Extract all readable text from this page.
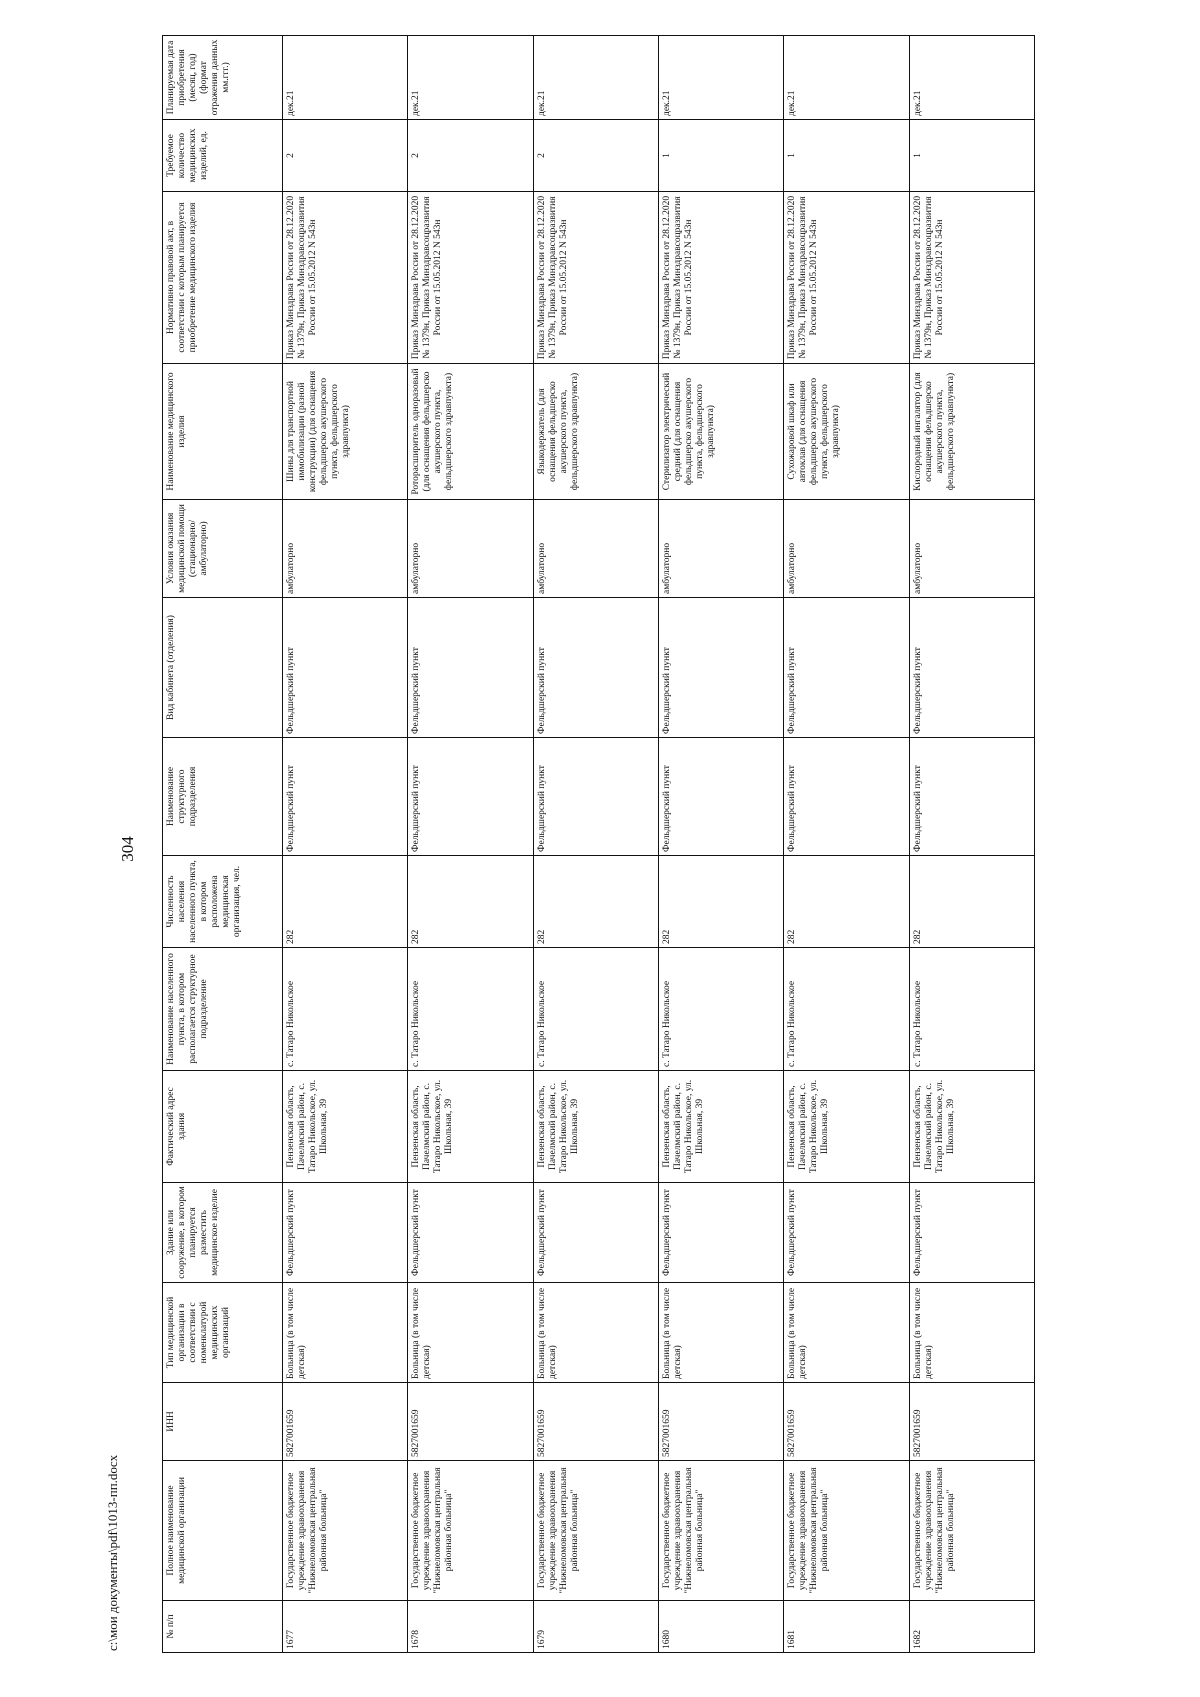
304
c:\мои документы\pdf\1013-пп.docx	№ п/п	Полное наименование медицинской организации	ИНН	Тип медицинской организации в соответствии с номенклатурой медицинских организаций	Здание или сооружение, в котором планируется разместить медицинское изделие	Фактический адрес здания	Наименование населенного пункта, в котором располагается структурное подразделение	Численность населения населенного пункта, в котором расположена медицинская организация, чел.	Наименование структурного подразделения	Вид кабинета (отделения)	Условия оказания медицинской помощи (стационарно/амбулаторно)	Наименование медицинского изделия	Нормативно правовой акт, в соответствии с которым планируется приобретение медицинского изделия	Требуемое количество медицинских изделий, ед.	Планируемая дата приобретения (месяц, год) (формат отражения данных мм.ггг.)
1677	Государственное бюджетное учреждение здравоохранения "Нижнеломовская центральная районная больница"	5827001659	Больница (в том числе детская)	Фельдшерский пункт	Пензенская область, Пачелмский район, с. Татаро Никольское, ул. Школьная, 39	с. Татаро Никольское	282	Фельдшерский пункт	Фельдшерский пункт	амбулаторно	Шины для транспортной иммобилизации (разной конструкции) (для оснащения фельдшерско акушерского пункта, фельдшерского здравпункта)	Приказ Минздрава России от 28.12.2020 № 1379н, Приказ Минздравсоцразвития России от 15.05.2012 N 543н	2	дек.21
1678	Государственное бюджетное учреждение здравоохранения "Нижнеломовская центральная районная больница"	5827001659	Больница (в том числе детская)	Фельдшерский пункт	Пензенская область, Пачелмский район, с. Татаро Никольское, ул. Школьная, 39	с. Татаро Никольское	282	Фельдшерский пункт	Фельдшерский пункт	амбулаторно	Роторасширитель одноразовый (для оснащения фельдшерско акушерского пункта, фельдшерского здравпункта)	Приказ Минздрава России от 28.12.2020 № 1379н, Приказ Минздравсоцразвития России от 15.05.2012 N 543н	2	дек.21
1679	Государственное бюджетное учреждение здравоохранения "Нижнеломовская центральная районная больница"	5827001659	Больница (в том числе детская)	Фельдшерский пункт	Пензенская область, Пачелмский район, с. Татаро Никольское, ул. Школьная, 39	с. Татаро Никольское	282	Фельдшерский пункт	Фельдшерский пункт	амбулаторно	Языкодержатель (для оснащения фельдшерско акушерского пункта, фельдшерского здравпункта)	Приказ Минздрава России от 28.12.2020 № 1379н, Приказ Минздравсоцразвития России от 15.05.2012 N 543н	2	дек.21
1680	Государственное бюджетное учреждение здравоохранения "Нижнеломовская центральная районная больница"	5827001659	Больница (в том числе детская)	Фельдшерский пункт	Пензенская область, Пачелмский район, с. Татаро Никольское, ул. Школьная, 39	с. Татаро Никольское	282	Фельдшерский пункт	Фельдшерский пункт	амбулаторно	Стерилизатор электрический средний (для оснащения фельдшерско акушерского пункта, фельдшерского здравпункта)	Приказ Минздрава России от 28.12.2020 № 1379н, Приказ Минздравсоцразвития России от 15.05.2012 N 543н	1	дек.21
1681	Государственное бюджетное учреждение здравоохранения "Нижнеломовская центральная районная больница"	5827001659	Больница (в том числе детская)	Фельдшерский пункт	Пензенская область, Пачелмский район, с. Татаро Никольское, ул. Школьная, 39	с. Татаро Никольское	282	Фельдшерский пункт	Фельдшерский пункт	амбулаторно	Сухожаровой шкаф или автоклав (для оснащения фельдшерско акушерского пункта, фельдшерского здравпункта)	Приказ Минздрава России от 28.12.2020 № 1379н, Приказ Минздравсоцразвития России от 15.05.2012 N 543н	1	дек.21
1682	Государственное бюджетное учреждение здравоохранения "Нижнеломовская центральная районная больница"	5827001659	Больница (в том числе детская)	Фельдшерский пункт	Пензенская область, Пачелмский район, с. Татаро Никольское, ул. Школьная, 39	с. Татаро Никольское	282	Фельдшерский пункт	Фельдшерский пункт	амбулаторно	Кислородный ингалятор (для оснащения фельдшерско акушерского пункта, фельдшерского здравпункта)	Приказ Минздрава России от 28.12.2020 № 1379н, Приказ Минздравсоцразвития России от 15.05.2012 N 543н	1	дек.21
